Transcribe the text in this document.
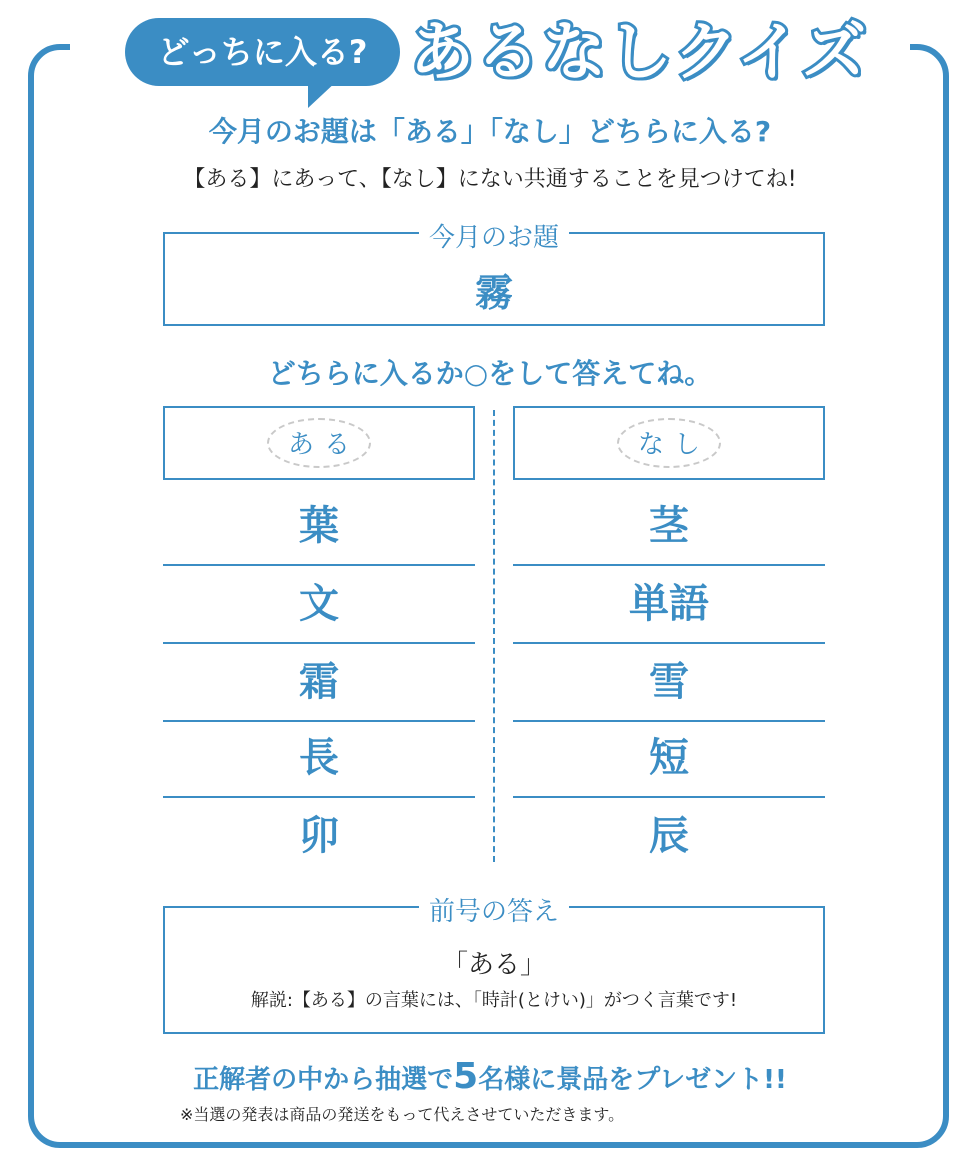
どっちに入る? あるなしクイズ
今月のお題は「ある」「なし」どちらに入る?
【ある】にあって、【なし】にない共通することを見つけてね!
今月のお題
霧
どちらに入るか○をして答えてね。
ある	なし
葉
文
霜
長
卯
茎
単語
雪
短
辰
前号の答え
「ある」
解説:【ある】の言葉には、「時計(とけい)」がつく言葉です!
正解者の中から抽選で5名様に景品をプレゼント!!
※当選の発表は商品の発送をもって代えさせていただきます。
